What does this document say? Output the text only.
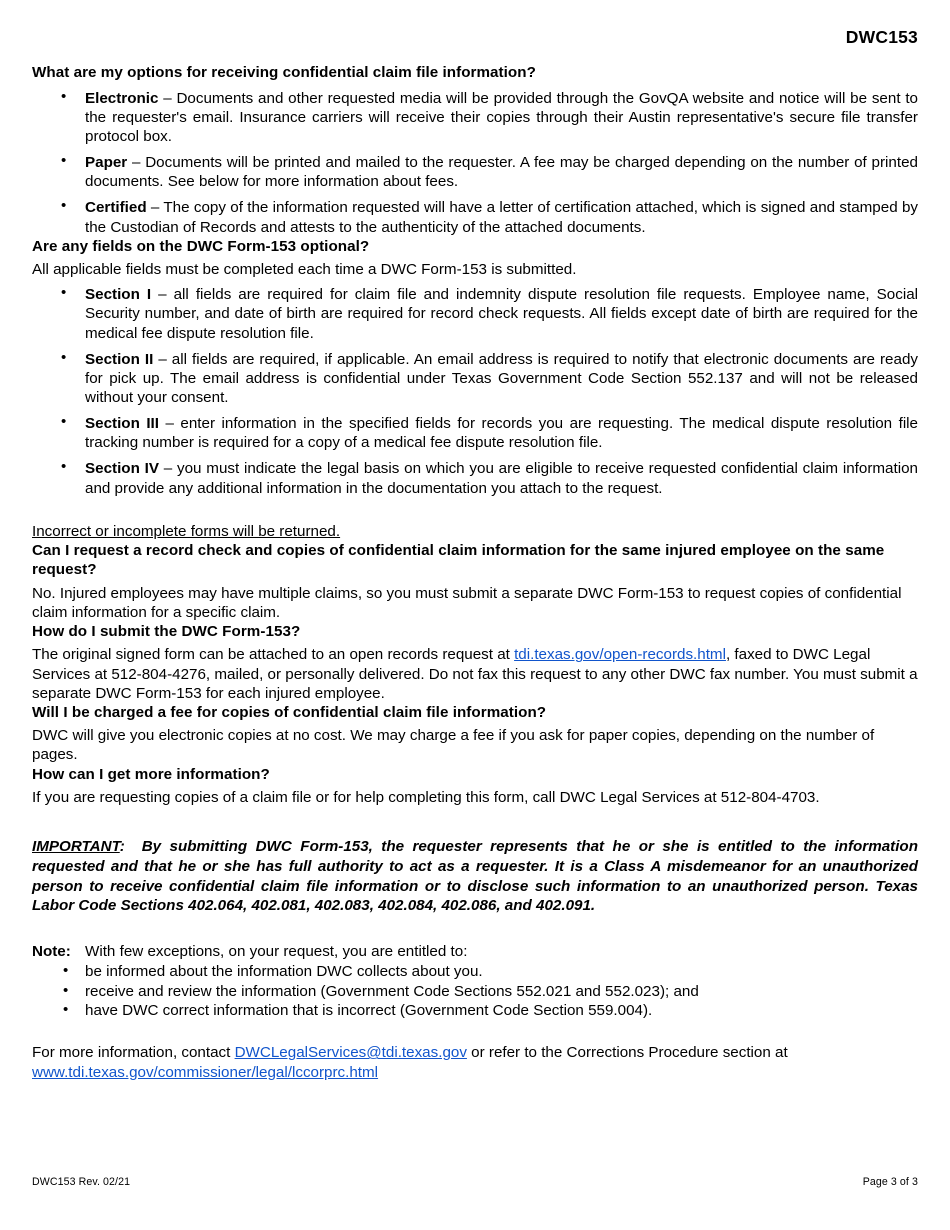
DWC153
What are my options for receiving confidential claim file information?
• Electronic – Documents and other requested media will be provided through the GovQA website and notice will be sent to the requester's email. Insurance carriers will receive their copies through their Austin representative's secure file transfer protocol box.
• Paper – Documents will be printed and mailed to the requester. A fee may be charged depending on the number of printed documents. See below for more information about fees.
• Certified – The copy of the information requested will have a letter of certification attached, which is signed and stamped by the Custodian of Records and attests to the authenticity of the attached documents.
Are any fields on the DWC Form-153 optional?

All applicable fields must be completed each time a DWC Form-153 is submitted.

• Section I – all fields are required for claim file and indemnity dispute resolution file requests. Employee name, Social Security number, and date of birth are required for record check requests. All fields except date of birth are required for the medical fee dispute resolution file.
• Section II – all fields are required, if applicable. An email address is required to notify that electronic documents are ready for pick up. The email address is confidential under Texas Government Code Section 552.137 and will not be released without your consent.
• Section III – enter information in the specified fields for records you are requesting. The medical dispute resolution file tracking number is required for a copy of a medical fee dispute resolution file.
• Section IV – you must indicate the legal basis on which you are eligible to receive requested confidential claim information and provide any additional information in the documentation you attach to the request.
Incorrect or incomplete forms will be returned.
Can I request a record check and copies of confidential claim information for the same injured employee on the same request?

No. Injured employees may have multiple claims, so you must submit a separate DWC Form-153 to request copies of confidential claim information for a specific claim.

How do I submit the DWC Form-153?

The original signed form can be attached to an open records request at tdi.texas.gov/open-records.html, faxed to DWC Legal Services at 512-804-4276, mailed, or personally delivered. Do not fax this request to any other DWC fax number. You must submit a separate DWC Form-153 for each injured employee.

Will I be charged a fee for copies of confidential claim file information?

DWC will give you electronic copies at no cost. We may charge a fee if you ask for paper copies, depending on the number of pages.

How can I get more information?

If you are requesting copies of a claim file or for help completing this form, call DWC Legal Services at 512-804-4703.

IMPORTANT: By submitting DWC Form-153, the requester represents that he or she is entitled to the information requested and that he or she has full authority to act as a requester. It is a Class A misdemeanor for an unauthorized person to receive confidential claim file information or to disclose such information to an unauthorized person. Texas Labor Code Sections 402.064, 402.081, 402.083, 402.084, 402.086, and 402.091.

Note: With few exceptions, on your request, you are entitled to:

• be informed about the information DWC collects about you.
• receive and review the information (Government Code Sections 552.021 and 552.023); and
• have DWC correct information that is incorrect (Government Code Section 559.004).

For more information, contact DWCLegalServices@tdi.texas.gov or refer to the Corrections Procedure section at
www.tdi.texas.gov/commissioner/legal/lccorprc.html

DWC153 Rev. 02/21	Page 3 of 3
